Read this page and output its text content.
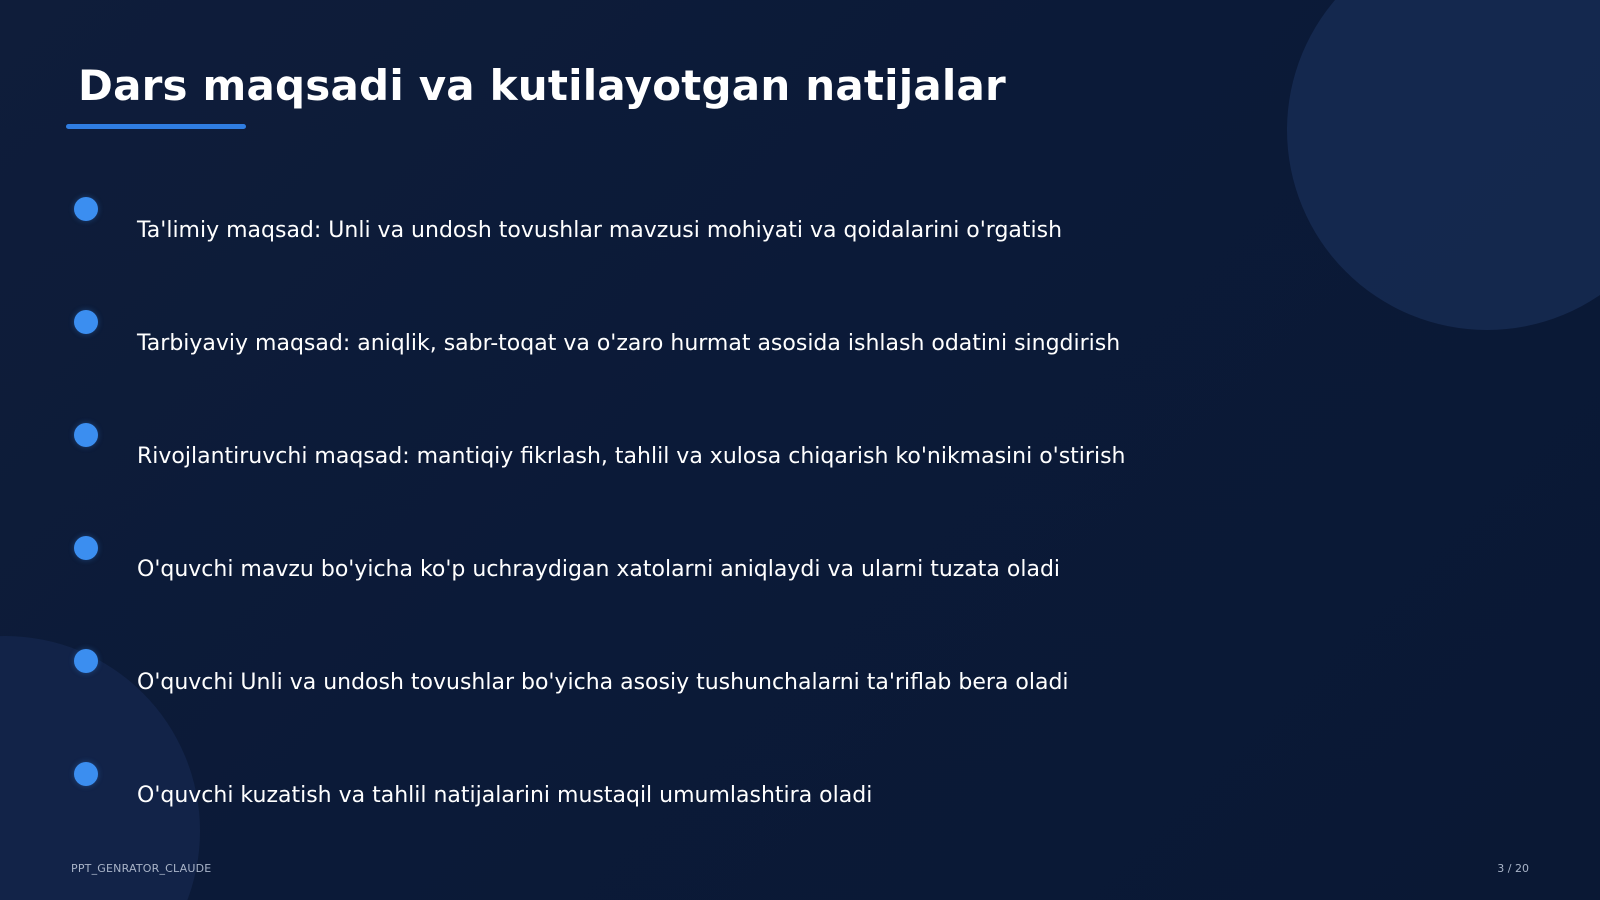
Dars maqsadi va kutilayotgan natijalar
Ta'limiy maqsad: Unli va undosh tovushlar mavzusi mohiyati va qoidalarini o'rgatish
Tarbiyaviy maqsad: aniqlik, sabr-toqat va o'zaro hurmat asosida ishlash odatini singdirish
Rivojlantiruvchi maqsad: mantiqiy fikrlash, tahlil va xulosa chiqarish ko'nikmasini o'stirish
O'quvchi mavzu bo'yicha ko'p uchraydigan xatolarni aniqlaydi va ularni tuzata oladi
O'quvchi Unli va undosh tovushlar bo'yicha asosiy tushunchalarni ta'riflab bera oladi
O'quvchi kuzatish va tahlil natijalarini mustaqil umumlashtira oladi
PPT_GENRATOR_CLAUDE	3 / 20
